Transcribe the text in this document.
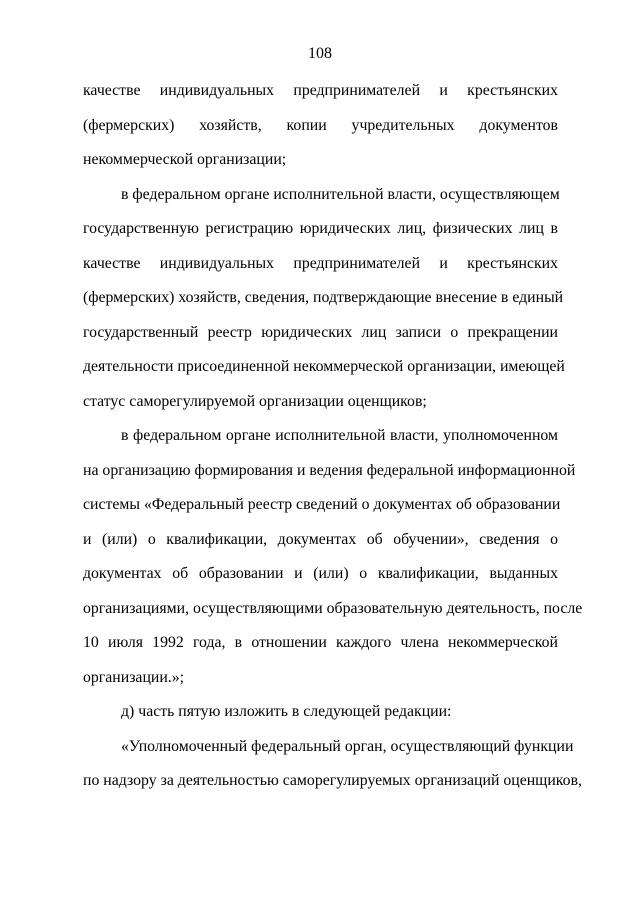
108
качестве индивидуальных предпринимателей и крестьянских
(фермерских) хозяйств, копии учредительных документов
некоммерческой организации;
в федеральном органе исполнительной власти, осуществляющем
государственную регистрацию юридических лиц, физических лиц в
качестве индивидуальных предпринимателей и крестьянских
(фермерских) хозяйств, сведения, подтверждающие внесение в единый
государственный реестр юридических лиц записи о прекращении
деятельности присоединенной некоммерческой организации, имеющей
статус саморегулируемой организации оценщиков;
в федеральном органе исполнительной власти, уполномоченном
на организацию формирования и ведения федеральной информационной
системы «Федеральный реестр сведений о документах об образовании
и (или) о квалификации, документах об обучении», сведения о
документах об образовании и (или) о квалификации, выданных
организациями, осуществляющими образовательную деятельность, после
10 июля 1992 года, в отношении каждого члена некоммерческой
организации.»;
д) часть пятую изложить в следующей редакции:
«Уполномоченный федеральный орган, осуществляющий функции
по надзору за деятельностью саморегулируемых организаций оценщиков,
